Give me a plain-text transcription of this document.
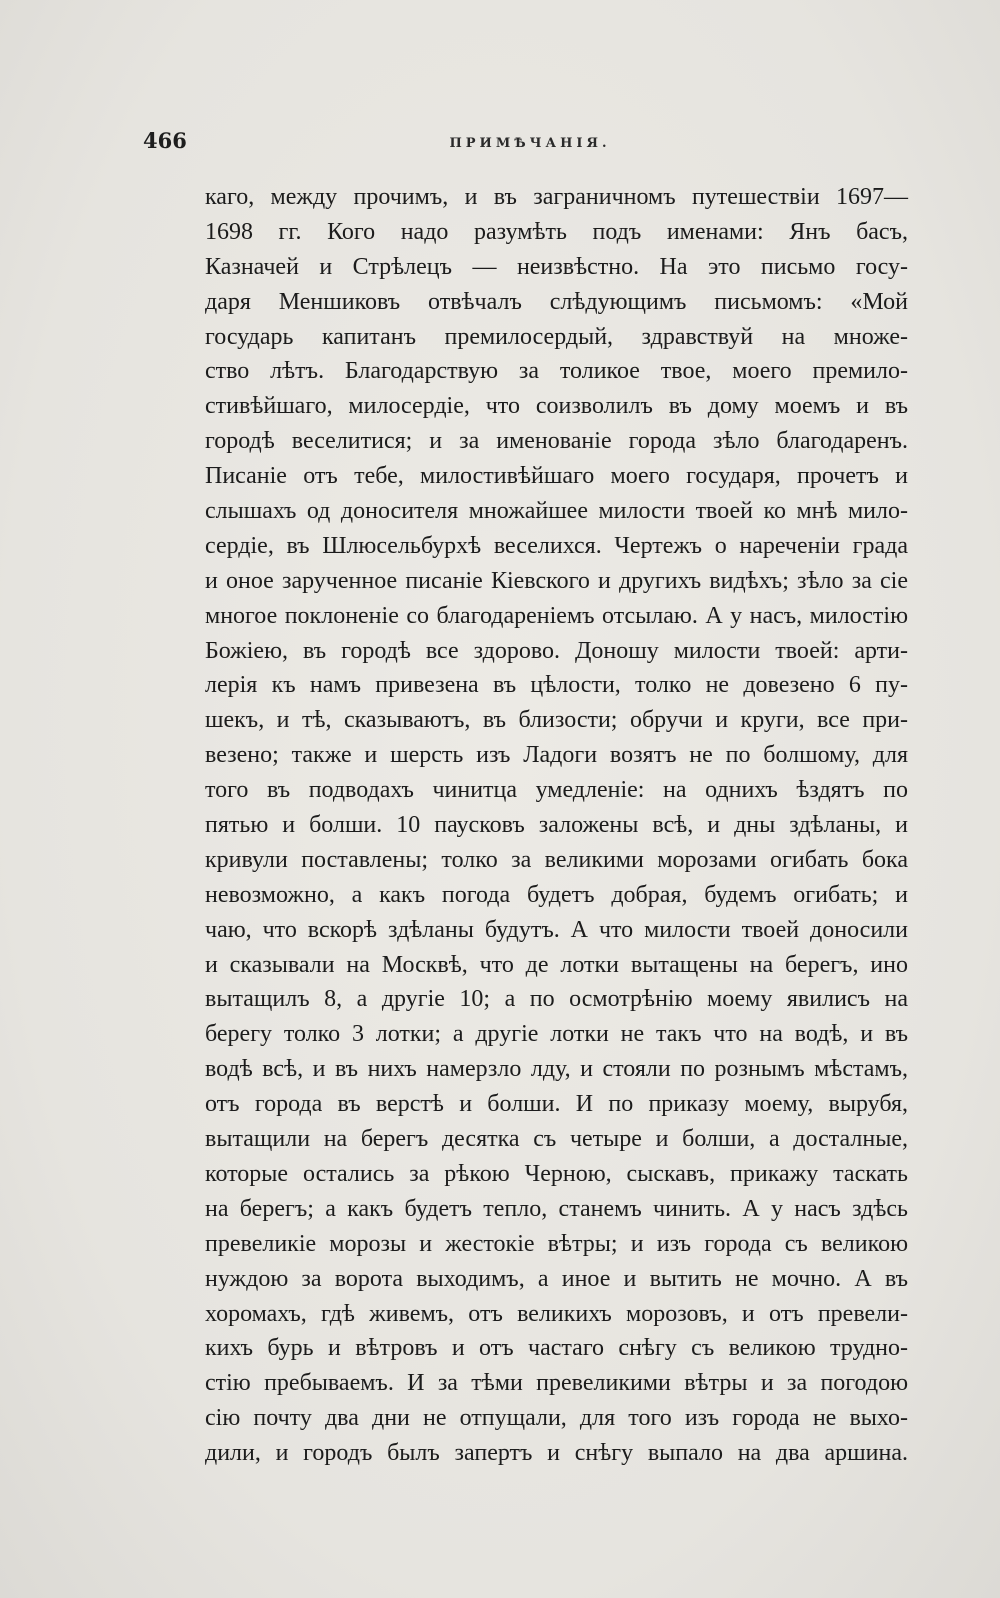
466	ПРИМѢЧАНІЯ.
каго, между прочимъ, и въ заграничномъ путешествіи 1697—
1698 гг. Кого надо разумѣть подъ именами: Янъ басъ,
Казначей и Стрѣлецъ — неизвѣстно. На это письмо госу-
даря Меншиковъ отвѣчалъ слѣдующимъ письмомъ: «Мой
государь капитанъ премилосердый, здравствуй на множе-
ство лѣтъ. Благодарствую за толикое твое, моего премило-
стивѣйшаго, милосердіе, что соизволилъ въ дому моемъ и въ
городѣ веселитися; и за именованіе города зѣло благодаренъ.
Писаніе отъ тебе, милостивѣйшаго моего государя, прочетъ и
слышахъ од доносителя множайшее милости твоей ко мнѣ мило-
сердіе, въ Шлюсельбурхѣ веселихся. Чертежъ о нареченіи града
и оное зарученное писаніе Кіевского и другихъ видѣхъ; зѣло за сіе
многое поклоненіе со благодареніемъ отсылаю. А у насъ, милостію
Божіею, въ городѣ все здорово. Доношу милости твоей: арти-
лерія къ намъ привезена въ цѣлости, толко не довезено 6 пу-
шекъ, и тѣ, сказываютъ, въ близости; обручи и круги, все при-
везено; также и шерсть изъ Ладоги возятъ не по болшому, для
того въ подводахъ чинитца умедленіе: на однихъ ѣздятъ по
пятью и болши. 10 паусковъ заложены всѣ, и дны здѣланы, и
кривули поставлены; толко за великими морозами огибать бока
невозможно, а какъ погода будетъ добрая, будемъ огибать; и
чаю, что вскорѣ здѣланы будутъ. А что милости твоей доносили
и сказывали на Москвѣ, что де лотки вытащены на берегъ, ино
вытащилъ 8, а другіе 10; а по осмотрѣнію моему явилисъ на
берегу толко 3 лотки; а другіе лотки не такъ что на водѣ, и въ
водѣ всѣ, и въ нихъ намерзло лду, и стояли по рознымъ мѣстамъ,
отъ города въ верстѣ и болши. И по приказу моему, вырубя,
вытащили на берегъ десятка съ четыре и болши, а досталные,
которые остались за рѣкою Черною, сыскавъ, прикажу таскать
на берегъ; а какъ будетъ тепло, станемъ чинить. А у насъ здѣсь
превеликіе морозы и жестокіе вѣтры; и изъ города съ великою
нуждою за ворота выходимъ, а иное и вытить не мочно. А въ
хоромахъ, гдѣ живемъ, отъ великихъ морозовъ, и отъ превели-
кихъ бурь и вѣтровъ и отъ частаго снѣгу съ великою трудно-
стію пребываемъ. И за тѣми превеликими вѣтры и за погодою
сію почту два дни не отпущали, для того изъ города не выхо-
дили, и городъ былъ запертъ и снѣгу выпало на два аршина.
